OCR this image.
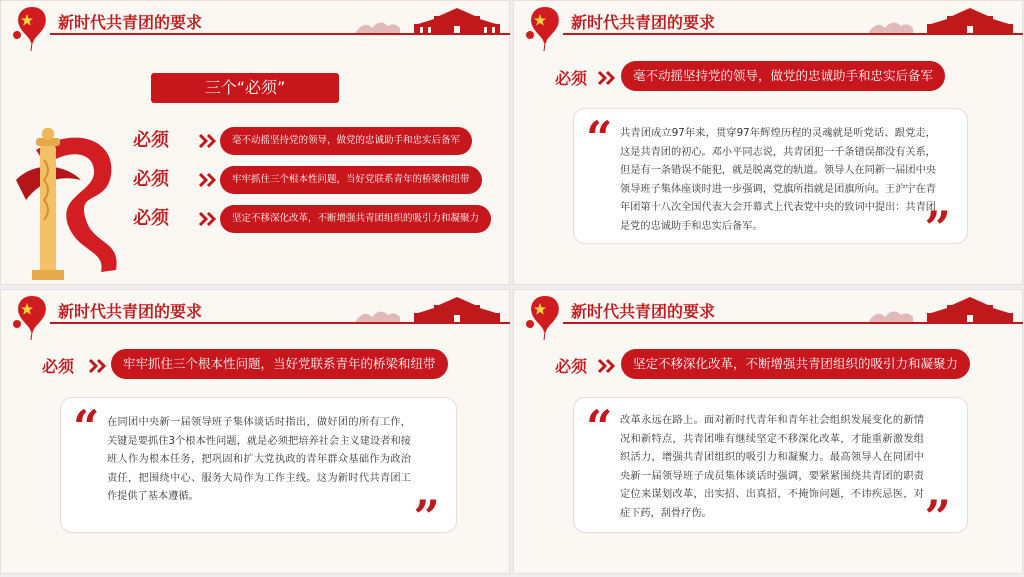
新时代共青团的要求
三个“必须”
必须	毫不动摇坚持党的领导，做党的忠诚助手和忠实后备军
必须	牢牢抓住三个根本性问题，当好党联系青年的桥梁和纽带
必须	坚定不移深化改革，不断增强共青团组织的吸引力和凝聚力
新时代共青团的要求
必须	毫不动摇坚持党的领导，做党的忠诚助手和忠实后备军
“ 共青团成立97年来，贯穿97年辉煌历程的灵魂就是听党话、跟党走，这是共青团的初心。邓小平同志说，共青团犯一千条错误都没有关系，但是有一条错误不能犯，就是脱离党的轨道。领导人在同新一届团中央领导班子集体座谈时进一步强调，党旗所指就是团旗所向。王沪宁在青年团第十八次全国代表大会开幕式上代表党中央的致词中提出：共青团是党的忠诚助手和忠实后备军。	”
新时代共青团的要求
必须	牢牢抓住三个根本性问题，当好党联系青年的桥梁和纽带
“ 在同团中央新一届领导班子集体谈话时指出，做好团的所有工作，关键是要抓住3个根本性问题，就是必须把培养社会主义建设者和接班人作为根本任务，把巩固和扩大党执政的青年群众基础作为政治责任，把围绕中心、服务大局作为工作主线。这为新时代共青团工作提供了基本遵循。	”
新时代共青团的要求
必须	坚定不移深化改革，不断增强共青团组织的吸引力和凝聚力
“ 改革永远在路上。面对新时代青年和青年社会组织发展变化的新情况和新特点，共青团唯有继续坚定不移深化改革，才能重新激发组织活力，增强共青团组织的吸引力和凝聚力。最高领导人在同团中央新一届领导班子成员集体谈话时强调，要紧紧围绕共青团的职责定位来谋划改革，出实招、出真招，不掩饰问题，不讳疾忌医，对症下药，刮骨疗伤。	”
